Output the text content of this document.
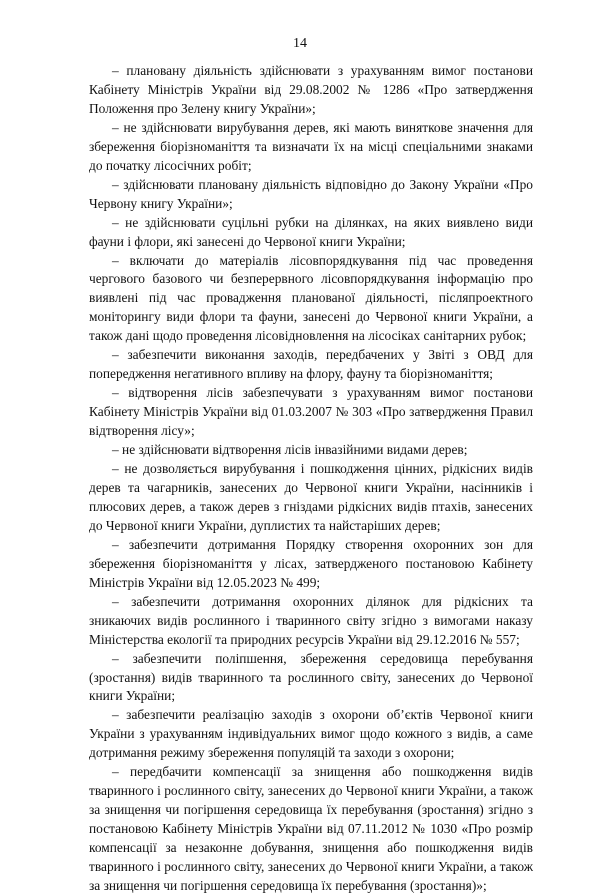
14

– плановану діяльність здійснювати з урахуванням вимог постанови Кабінету Міністрів України від 29.08.2002 № 1286 «Про затвердження Положення про Зелену книгу України»;

– не здійснювати вирубування дерев, які мають виняткове значення для збереження біорізноманіття та визначати їх на місці спеціальними знаками до початку лісосічних робіт;

– здійснювати плановану діяльність відповідно до Закону України «Про Червону книгу України»;

– не здійснювати суцільні рубки на ділянках, на яких виявлено види фауни і флори, які занесені до Червоної книги України;

– включати до матеріалів лісовпорядкування під час проведення чергового базового чи безперервного лісовпорядкування інформацію про виявлені під час провадження планованої діяльності, післяпроектного моніторингу види флори та фауни, занесені до Червоної книги України, а також дані щодо проведення лісовідновлення на лісосіках санітарних рубок;

– забезпечити виконання заходів, передбачених у Звіті з ОВД для попередження негативного впливу на флору, фауну та біорізноманіття;

– відтворення лісів забезпечувати з урахуванням вимог постанови Кабінету Міністрів України від 01.03.2007 № 303 «Про затвердження Правил відтворення лісу»;

– не здійснювати відтворення лісів інвазійними видами дерев;

– не дозволяється вирубування і пошкодження цінних, рідкісних видів дерев та чагарників, занесених до Червоної книги України, насінників і плюсових дерев, а також дерев з гніздами рідкісних видів птахів, занесених до Червоної книги України, дуплистих та найстаріших дерев;

– забезпечити дотримання Порядку створення охоронних зон для збереження біорізноманіття у лісах, затвердженого постановою Кабінету Міністрів України від 12.05.2023 № 499;

– забезпечити дотримання охоронних ділянок для рідкісних та зникаючих видів рослинного і тваринного світу згідно з вимогами наказу Міністерства екології та природних ресурсів України від 29.12.2016 № 557;

– забезпечити поліпшення, збереження середовища перебування (зростання) видів тваринного та рослинного світу, занесених до Червоної книги України;

– забезпечити реалізацію заходів з охорони об’єктів Червоної книги України з урахуванням індивідуальних вимог щодо кожного з видів, а саме дотримання режиму збереження популяцій та заходи з охорони;

– передбачити компенсації за знищення або пошкодження видів тваринного і рослинного світу, занесених до Червоної книги України, а також за знищення чи погіршення середовища їх перебування (зростання) згідно з постановою Кабінету Міністрів України від 07.11.2012 № 1030 «Про розмір компенсації за незаконне добування, знищення або пошкодження видів тваринного і рослинного світу, занесених до Червоної книги України, а також за знищення чи погіршення середовища їх перебування (зростання)»;
